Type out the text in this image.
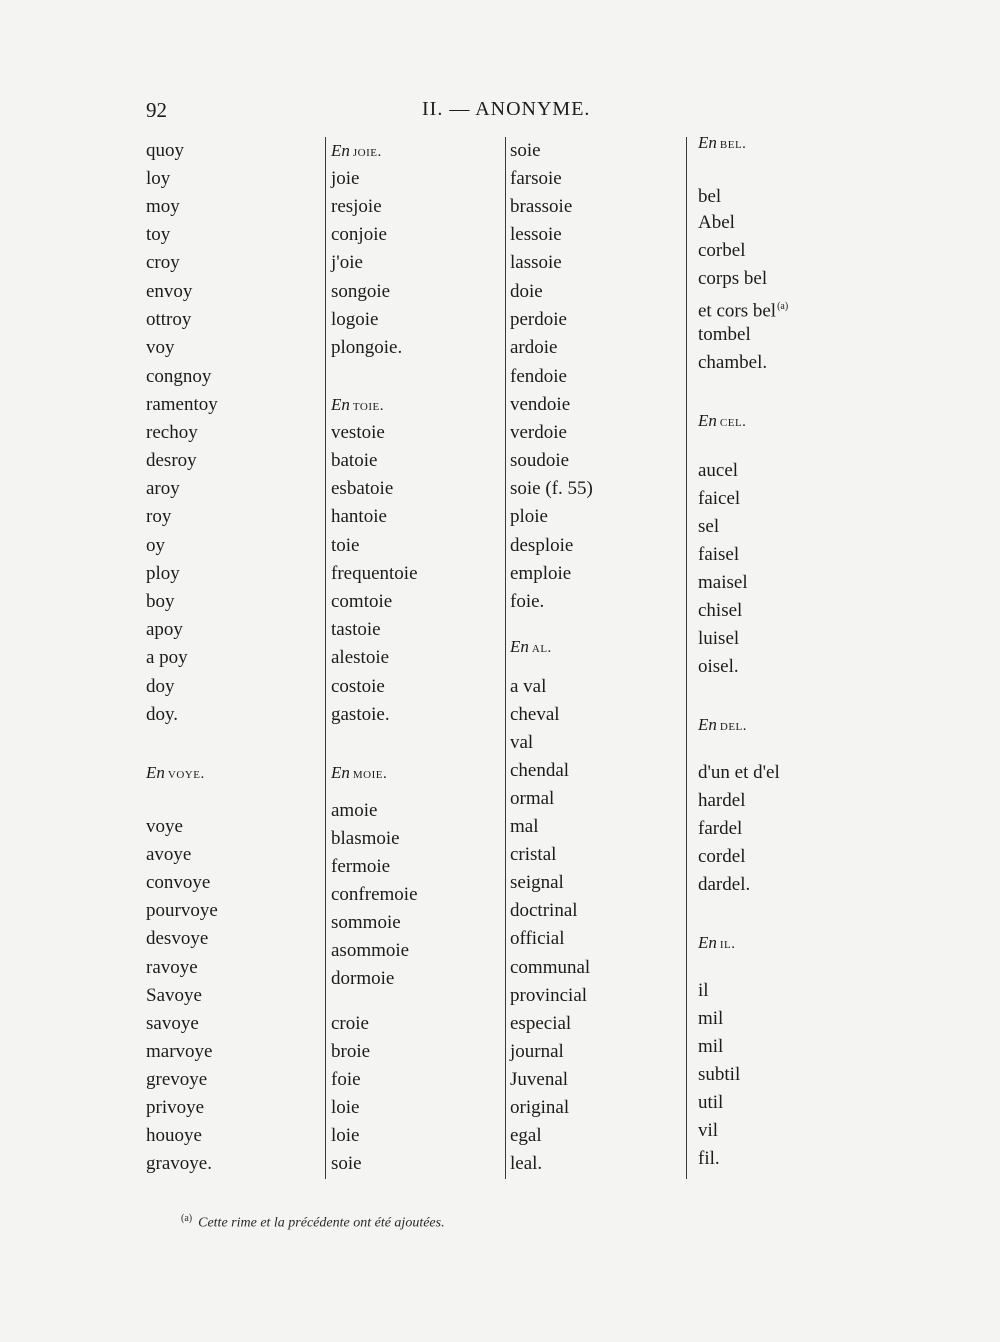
92	II. — ANONYME.
quoy
loy
moy
toy
croy
envoy
ottroy
voy
congnoy
ramentoy
rechoy
desroy
aroy
roy
oy
ploy
boy
apoy
a poy
doy
doy.
En voye.
voye
avoye
convoye
pourvoye
desvoye
ravoye
Savoye
savoye
marvoye
grevoye
privoye
houoye
gravoye.
En joie.
joie
resjoie
conjoie
j'oie
songoie
logoie
plongoie.
En toie.
vestoie
batoie
esbatoie
hantoie
toie
frequentoie
comtoie
tastoie
alestoie
costoie
gastoie.
En moie.
amoie
blasmoie
fermoie
confremoie
sommoie
asommoie
dormoie
croie
broie
foie
loie
loie
soie
soie
farsoie
brassoie
lessoie
lassoie
doie
perdoie
ardoie
fendoie
vendoie
verdoie
soudoie
soie (f. 55)
ploie
desploie
emploie
foie.
En al.
a val
cheval
val
chendal
ormal
mal
cristal
seignal
doctrinal
official
communal
provincial
especial
journal
Juvenal
original
egal
leal.
En bel.
bel
Abel
corbel
corps bel
et cors bel$^{(a)}$
tombel
chambel.
En cel.
aucel
faicel
sel
faisel
maisel
chisel
luisel
oisel.
En del.
d'un et d'el
hardel
fardel
cordel
dardel.
En il.
il
mil
mil
subtil
util
vil
fil.
$^{(a)}$ Cette rime et la précédente ont été ajoutées.
